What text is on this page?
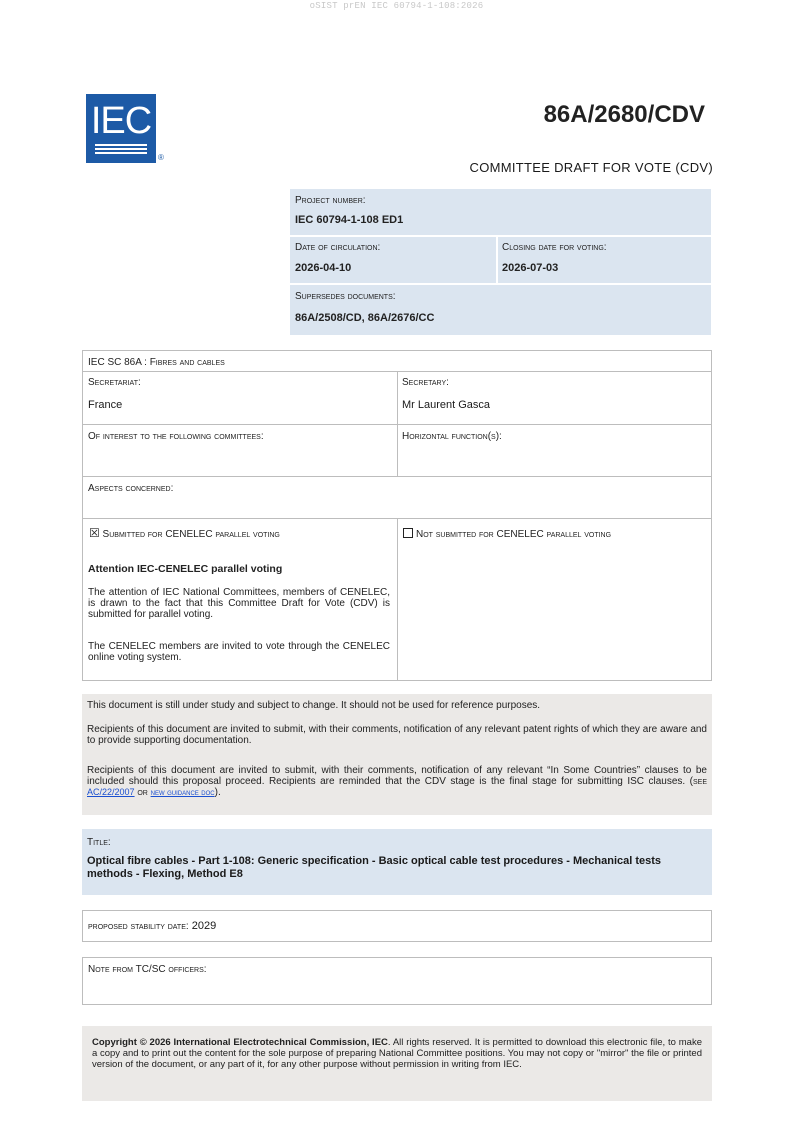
oSIST prEN IEC 60794-1-108:2026
IEC
®
86A/2680/CDV
COMMITTEE DRAFT FOR VOTE (CDV)
Project number:
IEC 60794-1-108 ED1
Date of circulation:
2026-04-10
Closing date for voting:
2026-07-03
Supersedes documents:
86A/2508/CD, 86A/2676/CC
IEC SC 86A : Fibres and cables
Secretariat:
France
Secretary:
Mr Laurent Gasca
Of interest to the following committees:	Horizontal function(s):
Aspects concerned:
☒ Submitted for CENELEC parallel voting	Not submitted for CENELEC parallel voting
Attention IEC-CENELEC parallel voting
The attention of IEC National Committees, members of CENELEC, is drawn to the fact that this Committee Draft for Vote (CDV) is submitted for parallel voting.
The CENELEC members are invited to vote through the CENELEC online voting system.
This document is still under study and subject to change. It should not be used for reference purposes.
Recipients of this document are invited to submit, with their comments, notification of any relevant patent rights of which they are aware and to provide supporting documentation.
Recipients of this document are invited to submit, with their comments, notification of any relevant “In Some Countries” clauses to be included should this proposal proceed. Recipients are reminded that the CDV stage is the final stage for submitting ISC clauses. (see AC/22/2007 or new guidance doc).
Title:
Optical fibre cables - Part 1-108: Generic specification - Basic optical cable test procedures - Mechanical tests methods - Flexing, Method E8
proposed stability date: 2029
Note from TC/SC officers:
Copyright © 2026 International Electrotechnical Commission, IEC. All rights reserved. It is permitted to download this electronic file, to make a copy and to print out the content for the sole purpose of preparing National Committee positions. You may not copy or "mirror" the file or printed version of the document, or any part of it, for any other purpose without permission in writing from IEC.
